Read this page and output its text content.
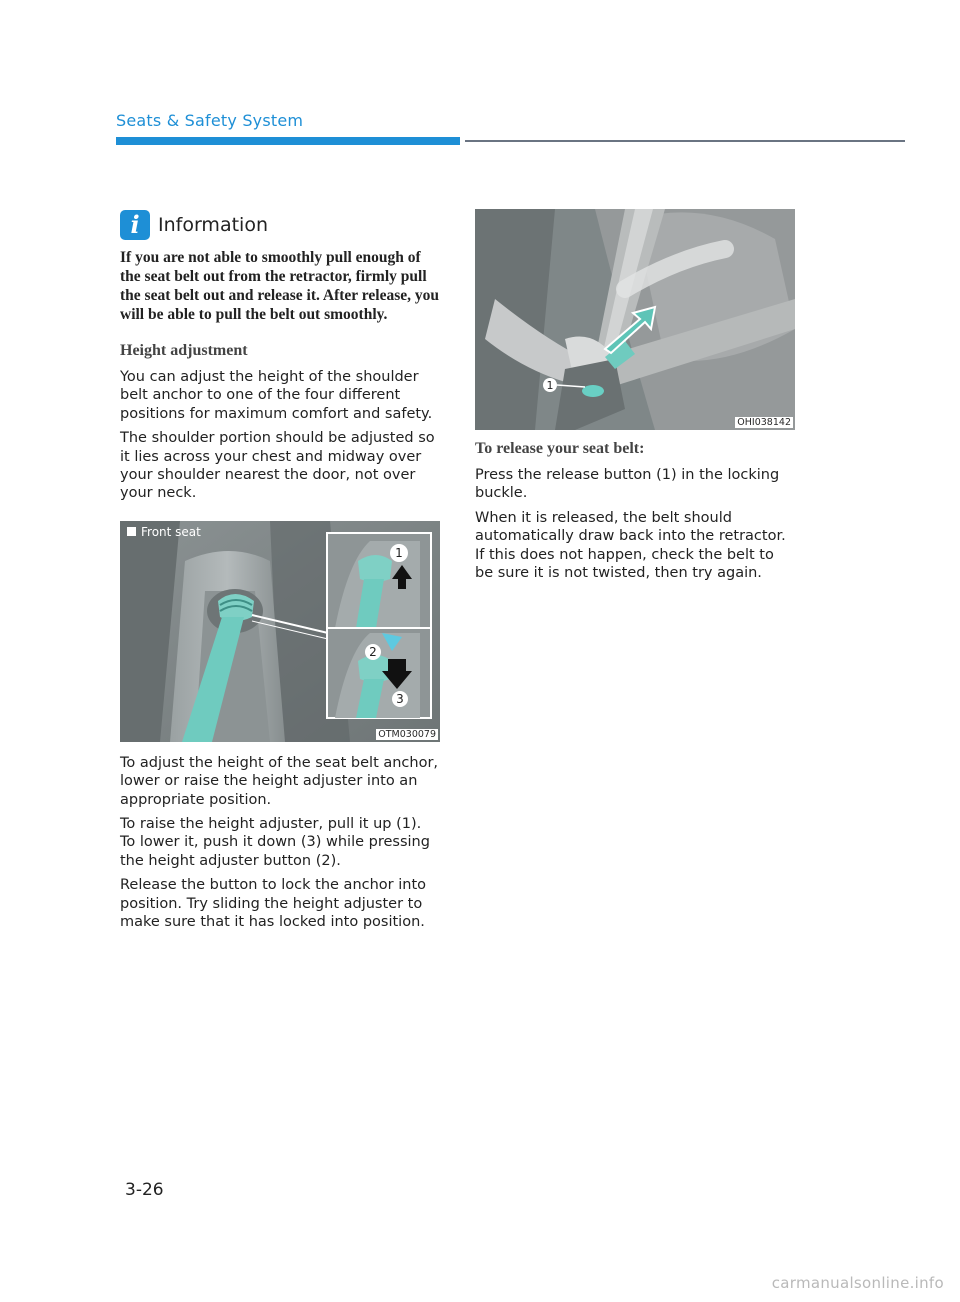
Seats & Safety System
i Information
If you are not able to smoothly pull enough of the seat belt out from the retractor, firmly pull the seat belt out and release it. After release, you will be able to pull the belt out smoothly.
Height adjustment

You can adjust the height of the shoulder belt anchor to one of the four different positions for maximum comfort and safety.

The shoulder portion should be adjusted so it lies across your chest and midway over your shoulder nearest the door, not over your neck.

1
2
3
Front seat
OTM030079

To adjust the height of the seat belt anchor, lower or raise the height adjuster into an appropriate position.

To raise the height adjuster, pull it up (1). To lower it, push it down (3) while pressing the height adjuster button (2).

Release the button to lock the anchor into position. Try sliding the height adjuster to make sure that it has locked into position.

1
OHI038142
To release your seat belt:

Press the release button (1) in the locking buckle.

When it is released, the belt should automatically draw back into the retractor. If this does not happen, check the belt to be sure it is not twisted, then try again.

3-26
carmanualsonline.info
